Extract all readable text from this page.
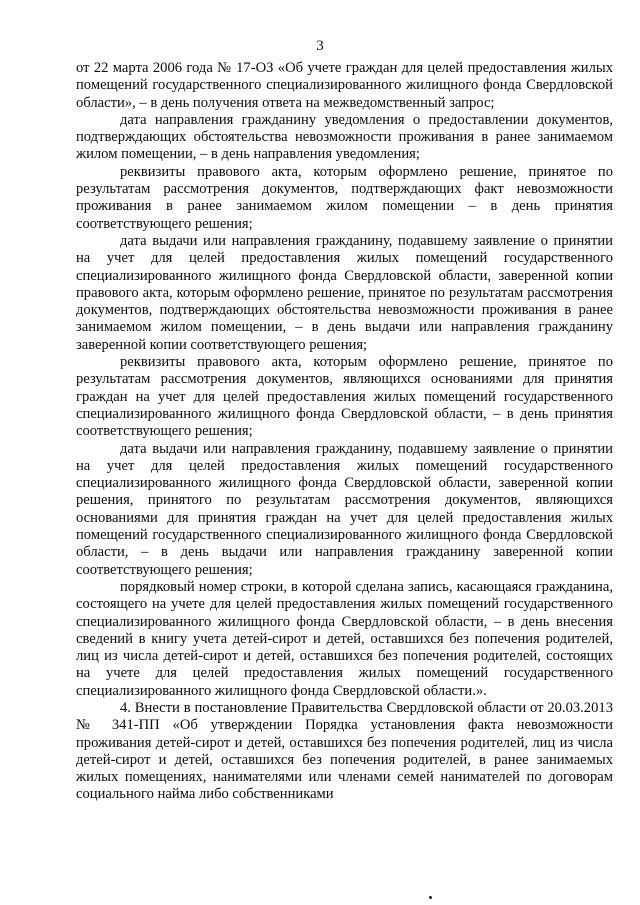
3

от 22 марта 2006 года № 17-ОЗ «Об учете граждан для целей предоставления жилых помещений государственного специализированного жилищного фонда Свердловской области», – в день получения ответа на межведомственный запрос;

дата направления гражданину уведомления о предоставлении документов, подтверждающих обстоятельства невозможности проживания в ранее занимаемом жилом помещении, – в день направления уведомления;

реквизиты правового акта, которым оформлено решение, принятое по результатам рассмотрения документов, подтверждающих факт невозможности проживания в ранее занимаемом жилом помещении – в день принятия соответствующего решения;

дата выдачи или направления гражданину, подавшему заявление о принятии на учет для целей предоставления жилых помещений государственного специализированного жилищного фонда Свердловской области, заверенной копии правового акта, которым оформлено решение, принятое по результатам рассмотрения документов, подтверждающих обстоятельства невозможности проживания в ранее занимаемом жилом помещении, – в день выдачи или направления гражданину заверенной копии соответствующего решения;

реквизиты правового акта, которым оформлено решение, принятое по результатам рассмотрения документов, являющихся основаниями для принятия граждан на учет для целей предоставления жилых помещений государственного специализированного жилищного фонда Свердловской области, – в день принятия соответствующего решения;

дата выдачи или направления гражданину, подавшему заявление о принятии на учет для целей предоставления жилых помещений государственного специализированного жилищного фонда Свердловской области, заверенной копии решения, принятого по результатам рассмотрения документов, являющихся основаниями для принятия граждан на учет для целей предоставления жилых помещений государственного специализированного жилищного фонда Свердловской области, – в день выдачи или направления гражданину заверенной копии соответствующего решения;

порядковый номер строки, в которой сделана запись, касающаяся гражданина, состоящего на учете для целей предоставления жилых помещений государственного специализированного жилищного фонда Свердловской области, – в день внесения сведений в книгу учета детей-сирот и детей, оставшихся без попечения родителей, лиц из числа детей-сирот и детей, оставшихся без попечения родителей, состоящих на учете для целей предоставления жилых помещений государственного специализированного жилищного фонда Свердловской области.».

4. Внести в постановление Правительства Свердловской области от 20.03.2013 № 341-ПП «Об утверждении Порядка установления факта невозможности проживания детей-сирот и детей, оставшихся без попечения родителей, лиц из числа детей-сирот и детей, оставшихся без попечения родителей, в ранее занимаемых жилых помещениях, нанимателями или членами семей нанимателей по договорам социального найма либо собственниками
